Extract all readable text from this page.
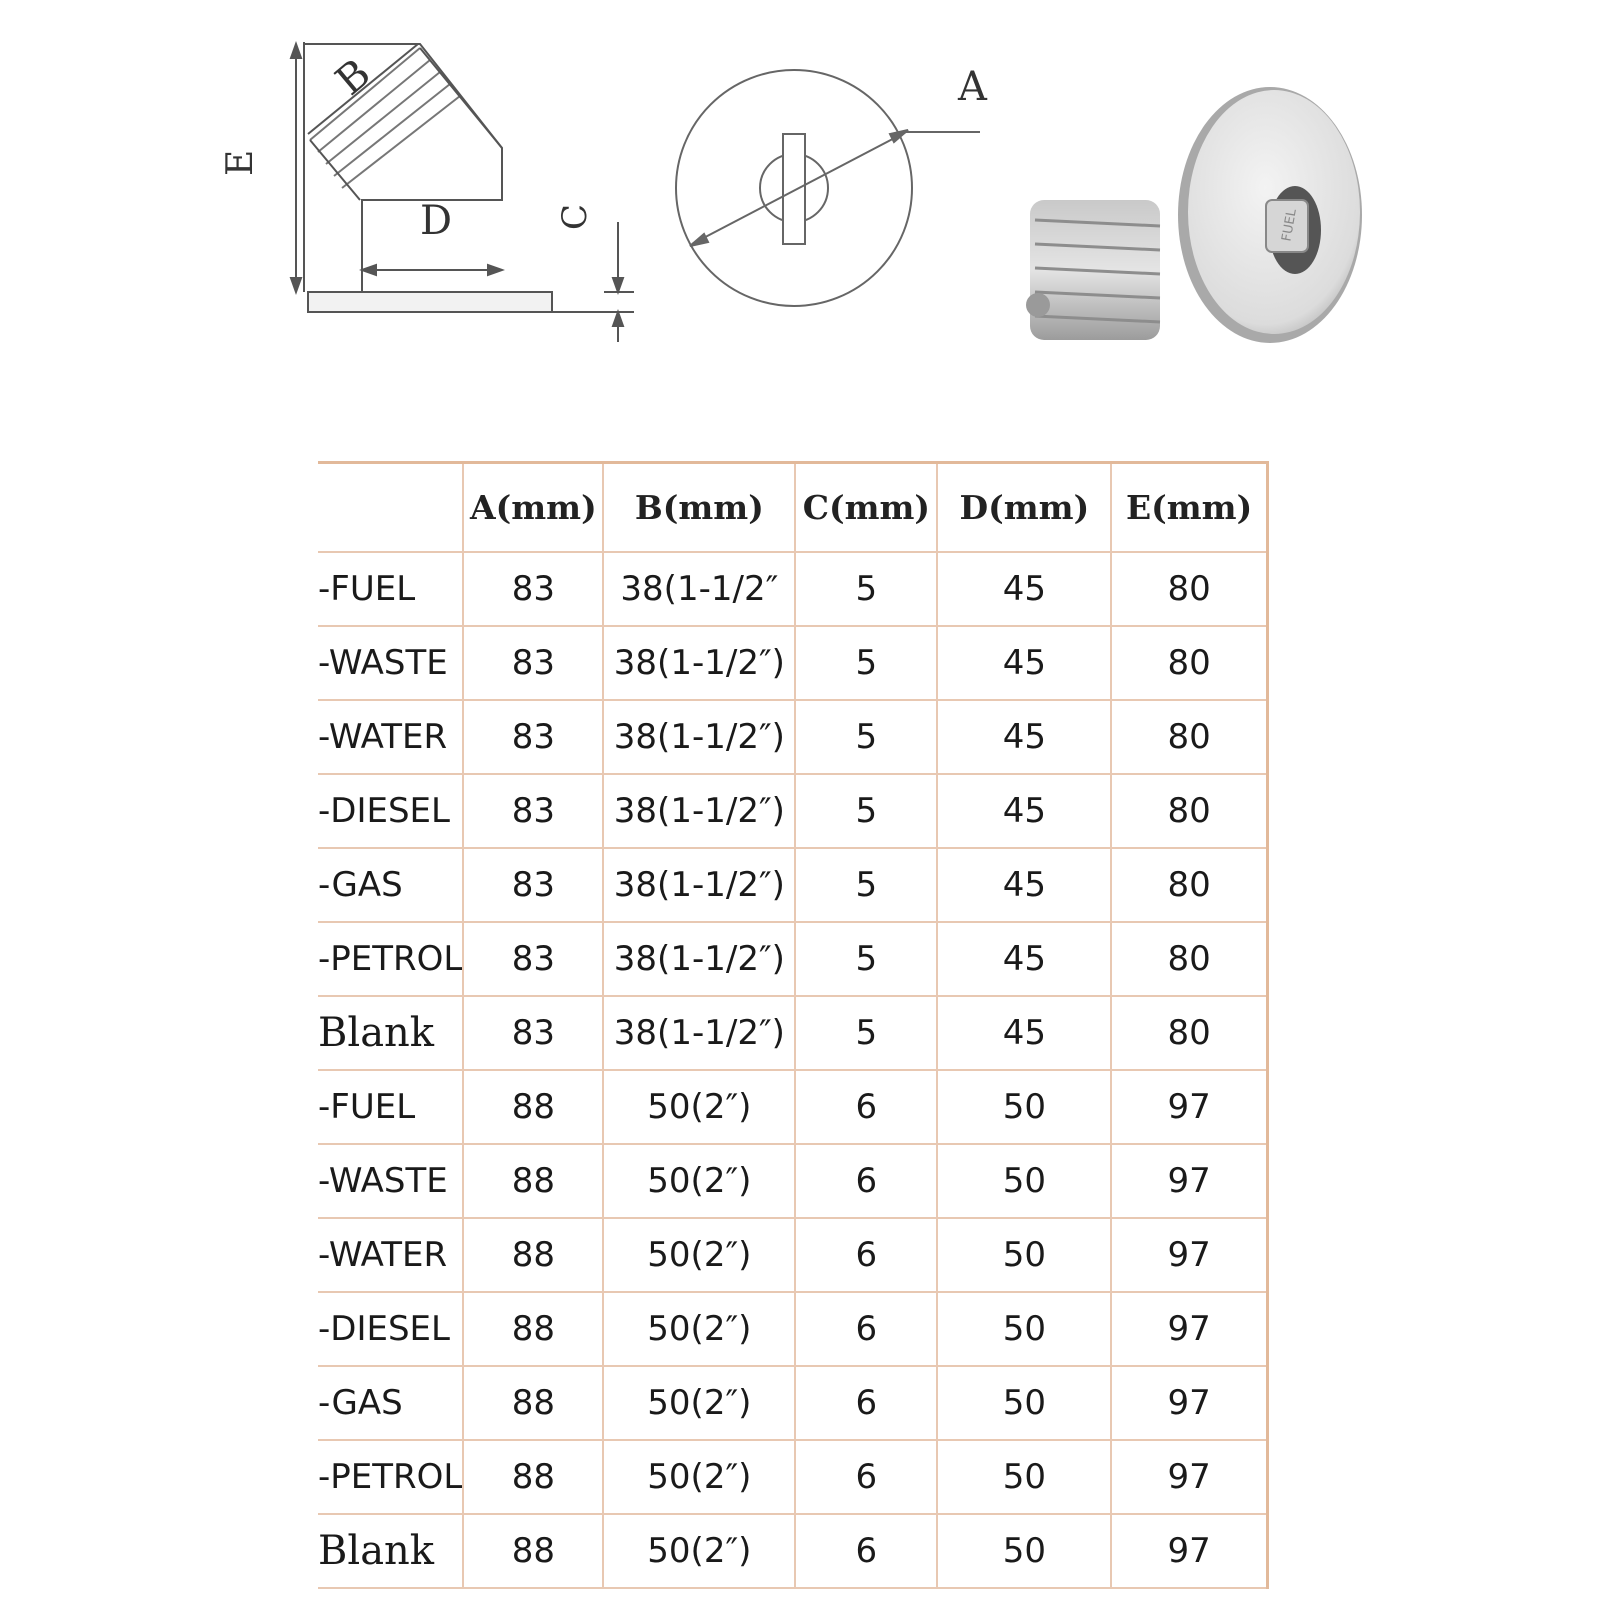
B
D
E
C
A
FUEL
	A(mm)	B(mm)	C(mm)	D(mm)	E(mm)
-FUEL	83	38(1-1/2″	5	45	80
-WASTE	83	38(1-1/2″)	5	45	80
-WATER	83	38(1-1/2″)	5	45	80
-DIESEL	83	38(1-1/2″)	5	45	80
-GAS	83	38(1-1/2″)	5	45	80
-PETROL	83	38(1-1/2″)	5	45	80
Blank	83	38(1-1/2″)	5	45	80
-FUEL	88	50(2″)	6	50	97
-WASTE	88	50(2″)	6	50	97
-WATER	88	50(2″)	6	50	97
-DIESEL	88	50(2″)	6	50	97
-GAS	88	50(2″)	6	50	97
-PETROL	88	50(2″)	6	50	97
Blank	88	50(2″)	6	50	97
